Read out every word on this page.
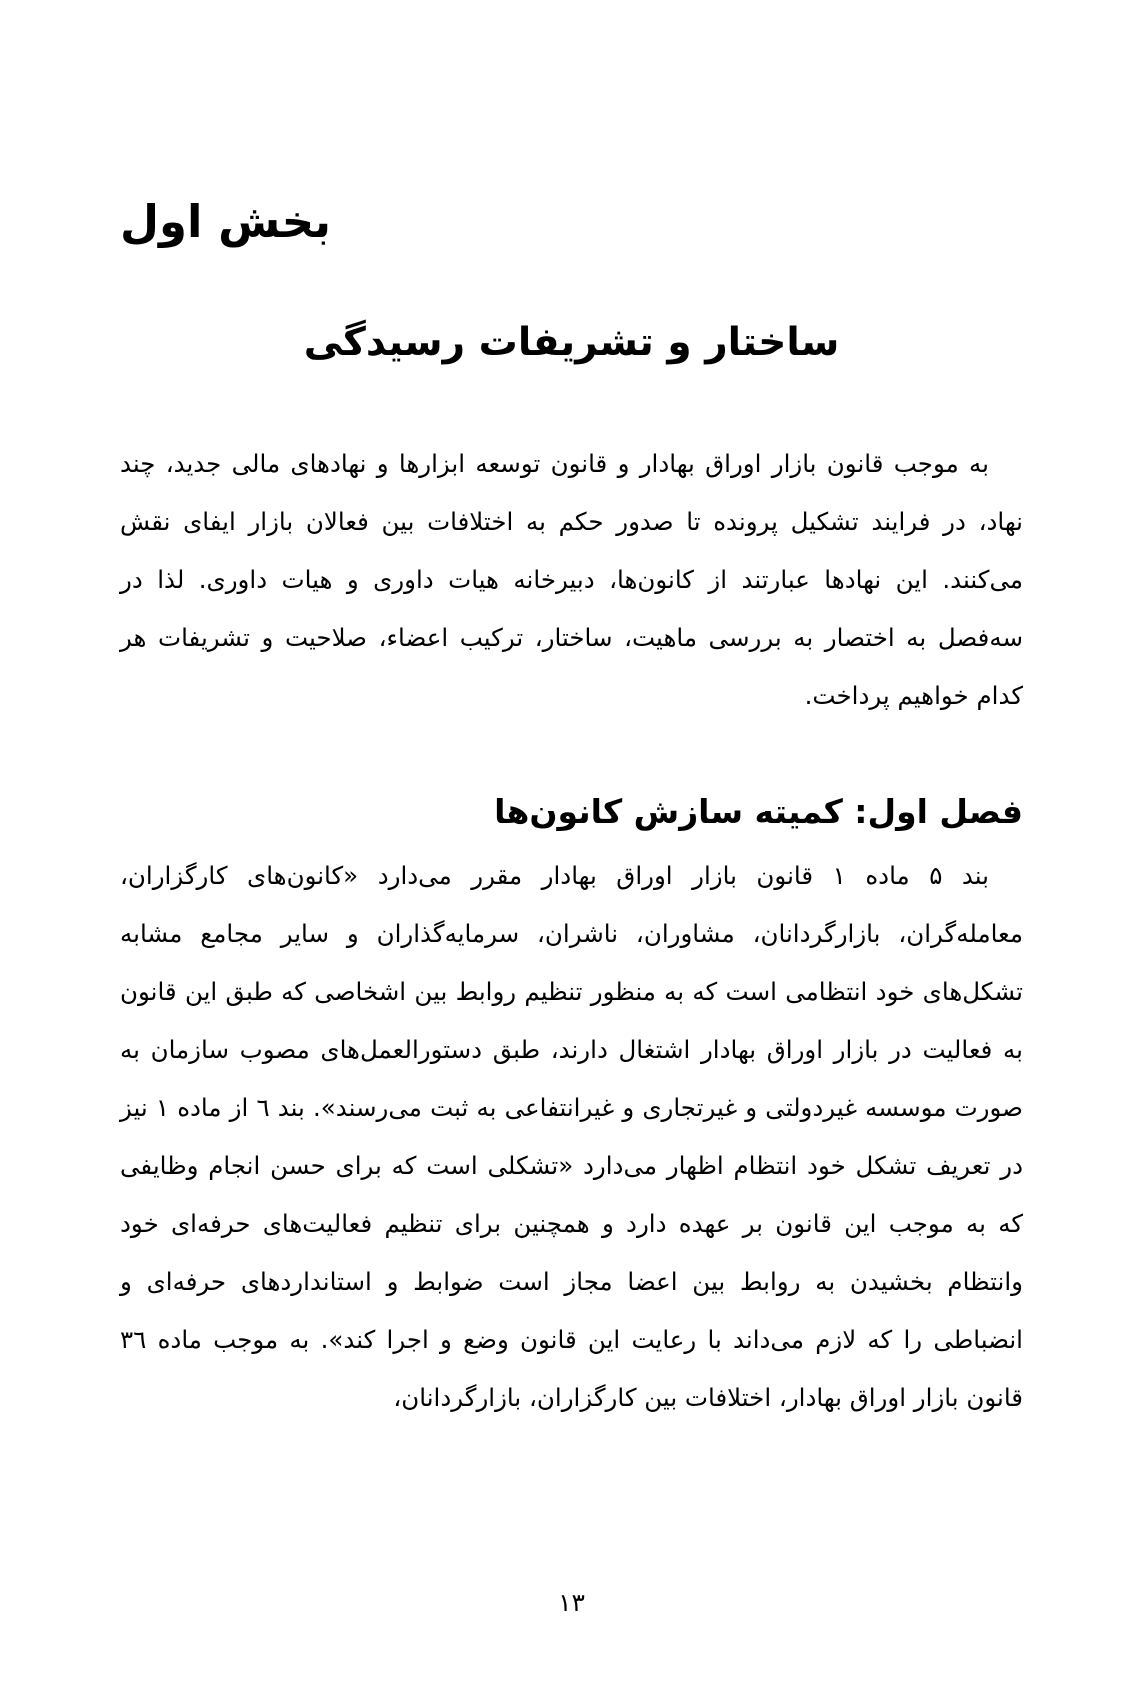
بخش اول
ساختار و تشریفات رسیدگی

به موجب قانون بازار اوراق بهادار و قانون توسعه ابزارها و نهادهای مالی جدید، چند نهاد، در فرایند تشکیل پرونده تا صدور حکم به اختلافات بین فعالان بازار ایفای نقش می‌کنند. این نهادها عبارتند از کانون‌ها، دبیرخانه هیات داوری و هیات داوری. لذا در سه‌فصل به اختصار به بررسی ماهیت، ساختار، ترکیب اعضاء، صلاحیت و تشریفات هر کدام خواهیم پرداخت.

فصل اول: کمیته سازش کانون‌ها

بند ۵ ماده ۱ قانون بازار اوراق بهادار مقرر می‌دارد «کانون‌های کارگزاران، معامله‌گران، بازارگردانان، مشاوران، ناشران، سرمایه‌گذاران و سایر مجامع مشابه تشکل‌های خود انتظامی است که به منظور تنظیم روابط بین اشخاصی که طبق این قانون به فعالیت در بازار اوراق بهادار اشتغال دارند، طبق دستورالعمل‌های مصوب سازمان به صورت موسسه غیردولتی و غیرتجاری و غیرانتفاعی به ثبت می‌رسند». بند ٦ از ماده ۱ نیز در تعریف تشکل خود انتظام اظهار می‌دارد «تشکلی است که برای حسن انجام وظایفی که به موجب این قانون بر عهده دارد و همچنین برای تنظیم فعالیت‌های حرفه‌ای خود وانتظام بخشیدن به روابط بین اعضا مجاز است ضوابط و استانداردهای حرفه‌ای و انضباطی را که لازم می‌داند با رعایت این قانون وضع و اجرا کند». به موجب ماده ٣٦ قانون بازار اوراق بهادار، اختلافات بین کارگزاران، بازارگردانان،

۱۳
